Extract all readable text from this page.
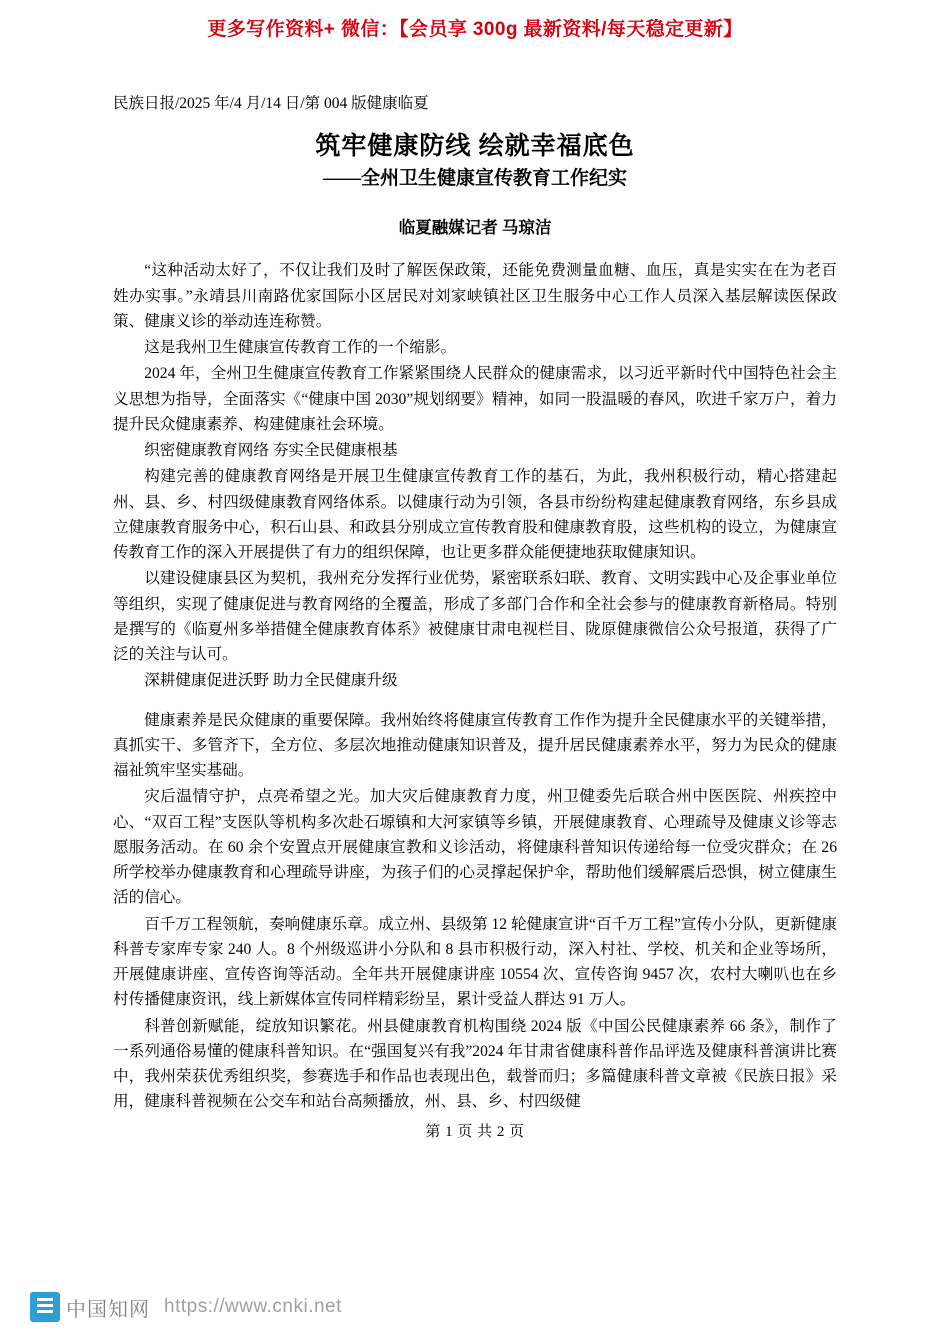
更多写作资料+ 微信：【会员享 300g 最新资料/每天稳定更新】
民族日报/2025 年/4 月/14 日/第 004 版健康临夏
筑牢健康防线 绘就幸福底色
——全州卫生健康宣传教育工作纪实
临夏融媒记者 马琼洁

“这种活动太好了，不仅让我们及时了解医保政策，还能免费测量血糖、血压，真是实实在在为老百姓办实事。”永靖县川南路优家国际小区居民对刘家峡镇社区卫生服务中心工作人员深入基层解读医保政策、健康义诊的举动连连称赞。

这是我州卫生健康宣传教育工作的一个缩影。

2024 年，全州卫生健康宣传教育工作紧紧围绕人民群众的健康需求，以习近平新时代中国特色社会主义思想为指导，全面落实《“健康中国 2030”规划纲要》精神，如同一股温暖的春风，吹进千家万户，着力提升民众健康素养、构建健康社会环境。

织密健康教育网络 夯实全民健康根基

构建完善的健康教育网络是开展卫生健康宣传教育工作的基石，为此，我州积极行动，精心搭建起州、县、乡、村四级健康教育网络体系。以健康行动为引领，各县市纷纷构建起健康教育网络，东乡县成立健康教育服务中心，积石山县、和政县分别成立宣传教育股和健康教育股，这些机构的设立，为健康宣传教育工作的深入开展提供了有力的组织保障，也让更多群众能便捷地获取健康知识。

以建设健康县区为契机，我州充分发挥行业优势，紧密联系妇联、教育、文明实践中心及企事业单位等组织，实现了健康促进与教育网络的全覆盖，形成了多部门合作和全社会参与的健康教育新格局。特别是撰写的《临夏州多举措健全健康教育体系》被健康甘肃电视栏目、陇原健康微信公众号报道，获得了广泛的关注与认可。

深耕健康促进沃野 助力全民健康升级

健康素养是民众健康的重要保障。我州始终将健康宣传教育工作作为提升全民健康水平的关键举措，真抓实干、多管齐下，全方位、多层次地推动健康知识普及，提升居民健康素养水平，努力为民众的健康福祉筑牢坚实基础。

灾后温情守护，点亮希望之光。加大灾后健康教育力度，州卫健委先后联合州中医医院、州疾控中心、“双百工程”支医队等机构多次赴石塬镇和大河家镇等乡镇，开展健康教育、心理疏导及健康义诊等志愿服务活动。在 60 余个安置点开展健康宣教和义诊活动，将健康科普知识传递给每一位受灾群众；在 26 所学校举办健康教育和心理疏导讲座，为孩子们的心灵撑起保护伞，帮助他们缓解震后恐惧，树立健康生活的信心。

百千万工程领航，奏响健康乐章。成立州、县级第 12 轮健康宣讲“百千万工程”宣传小分队，更新健康科普专家库专家 240 人。8 个州级巡讲小分队和 8 县市积极行动，深入村社、学校、机关和企业等场所，开展健康讲座、宣传咨询等活动。全年共开展健康讲座 10554 次、宣传咨询 9457 次，农村大喇叭也在乡村传播健康资讯，线上新媒体宣传同样精彩纷呈，累计受益人群达 91 万人。

科普创新赋能，绽放知识繁花。州县健康教育机构围绕 2024 版《中国公民健康素养 66 条》，制作了一系列通俗易懂的健康科普知识。在“强国复兴有我”2024 年甘肃省健康科普作品评选及健康科普演讲比赛中，我州荣获优秀组织奖，参赛选手和作品也表现出色，载誉而归；多篇健康科普文章被《民族日报》采用，健康科普视频在公交车和站台高频播放，州、县、乡、村四级健

第 1 页 共 2 页
中国知网 https://www.cnki.net
